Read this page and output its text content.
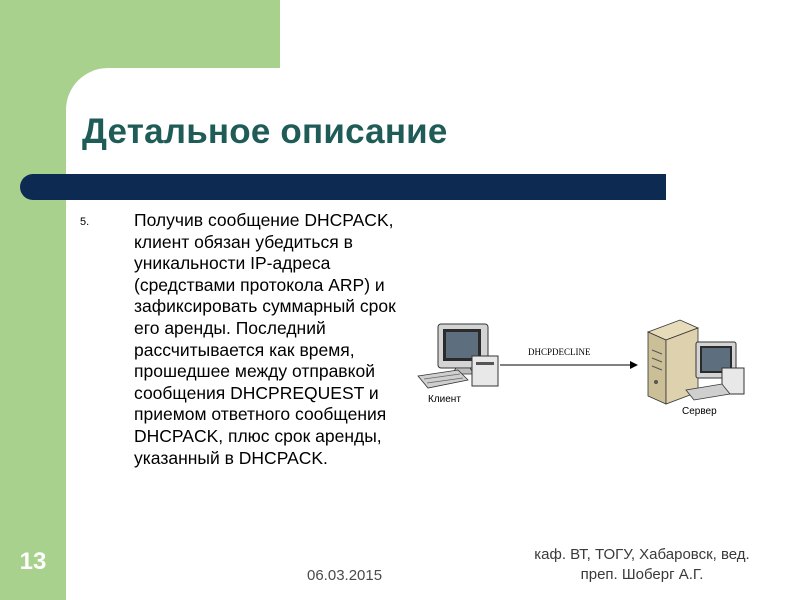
Детальное описание
5.	Получив сообщение DHCPACK, клиент обязан убедиться в уникальности IP-адреса (средствами протокола ARP) и зафиксировать суммарный срок его аренды. Последний рассчитывается как время, прошедшее между отправкой сообщения DHCPREQUEST и приемом ответного сообщения DHCPACK, плюс срок аренды, указанный в DHCPACK.
Клиент
DHCPDECLINE
Сервер
13
06.03.2015
каф. ВТ, ТОГУ, Хабаровск, вед.
преп. Шоберг А.Г.
